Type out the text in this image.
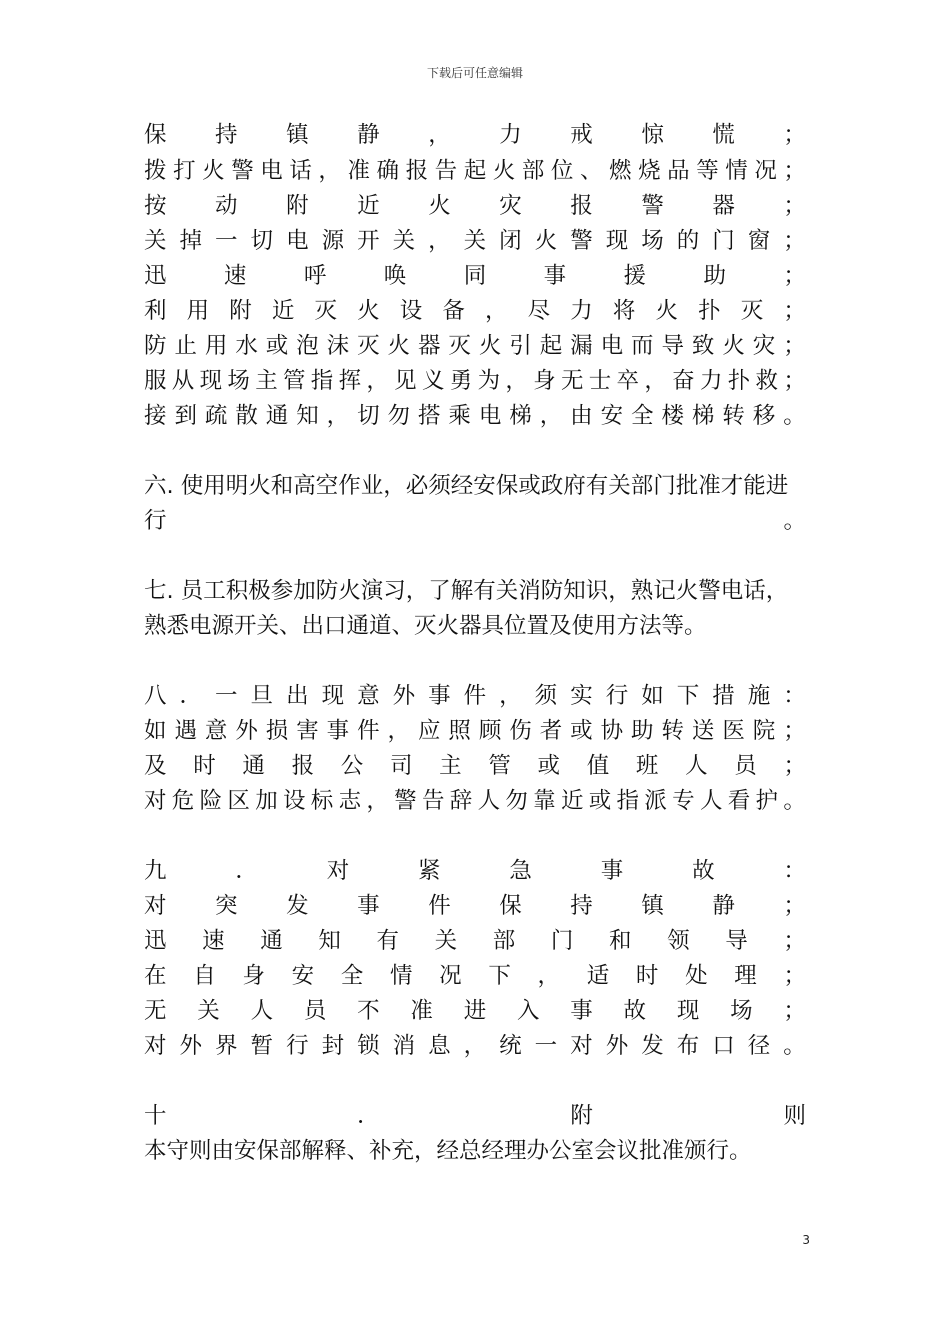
下载后可任意编辑
保 持 镇 静 ， 力 戒 惊 慌 ；
拨 打 火 警 电 话 ， 准 确 报 告 起 火 部 位 、 燃 烧 品 等 情 况 ；
按 动 附 近 火 灾 报 警 器 ；
关 掉 一 切 电 源 开 关 ， 关 闭 火 警 现 场 的 门 窗 ；
迅	速	呼	唤	同	事	援	助	；
利 用 附 近 灭 火 设 备 ， 尽 力 将 火 扑 灭 ；
防 止 用 水 或 泡 沫 灭 火 器 灭 火 引 起 漏 电 而 导 致 火 灾 ；
服 从 现 场 主 管 指 挥 ， 见 义 勇 为 ， 身 无 士 卒 ， 奋 力 扑 救 ；
接 到 疏 散 通 知 ， 切 勿 搭 乘 电 梯 ， 由 安 全 楼 梯 转 移 。
六. 使用明火和高空作业，必须经安保或政府有关部门批准才能进
行	。
七. 员工积极参加防火演习，了解有关消防知识，熟记火警电话，
熟悉电源开关、出口通道、灭火器具位置及使用方法等。
八 ． 一 旦 出 现 意 外 事 件 ， 须 实 行 如 下 措 施 ：
如 遇 意 外 损 害 事 件 ， 应 照 顾 伤 者 或 协 助 转 送 医 院 ；
及 时 通 报 公 司 主 管 或 值 班 人 员 ；
对 危 险 区 加 设 标 志 ， 警 告 辞 人 勿 靠 近 或 指 派 专 人 看 护 。
九	．	对	紧	急	事	故	：
对 突 发 事 件 保 持 镇 静 ；
迅 速 通 知 有 关 部 门 和 领 导 ；
在 自 身 安 全 情 况 下 ， 适 时 处 理 ；
无 关 人 员 不 准 进 入 事 故 现 场 ；
对 外 界 暂 行 封 锁 消 息 ， 统 一 对 外 发 布 口 径 。
十	．	附	则
本守则由安保部解释、补充，经总经理办公室会议批准颁行。
3
